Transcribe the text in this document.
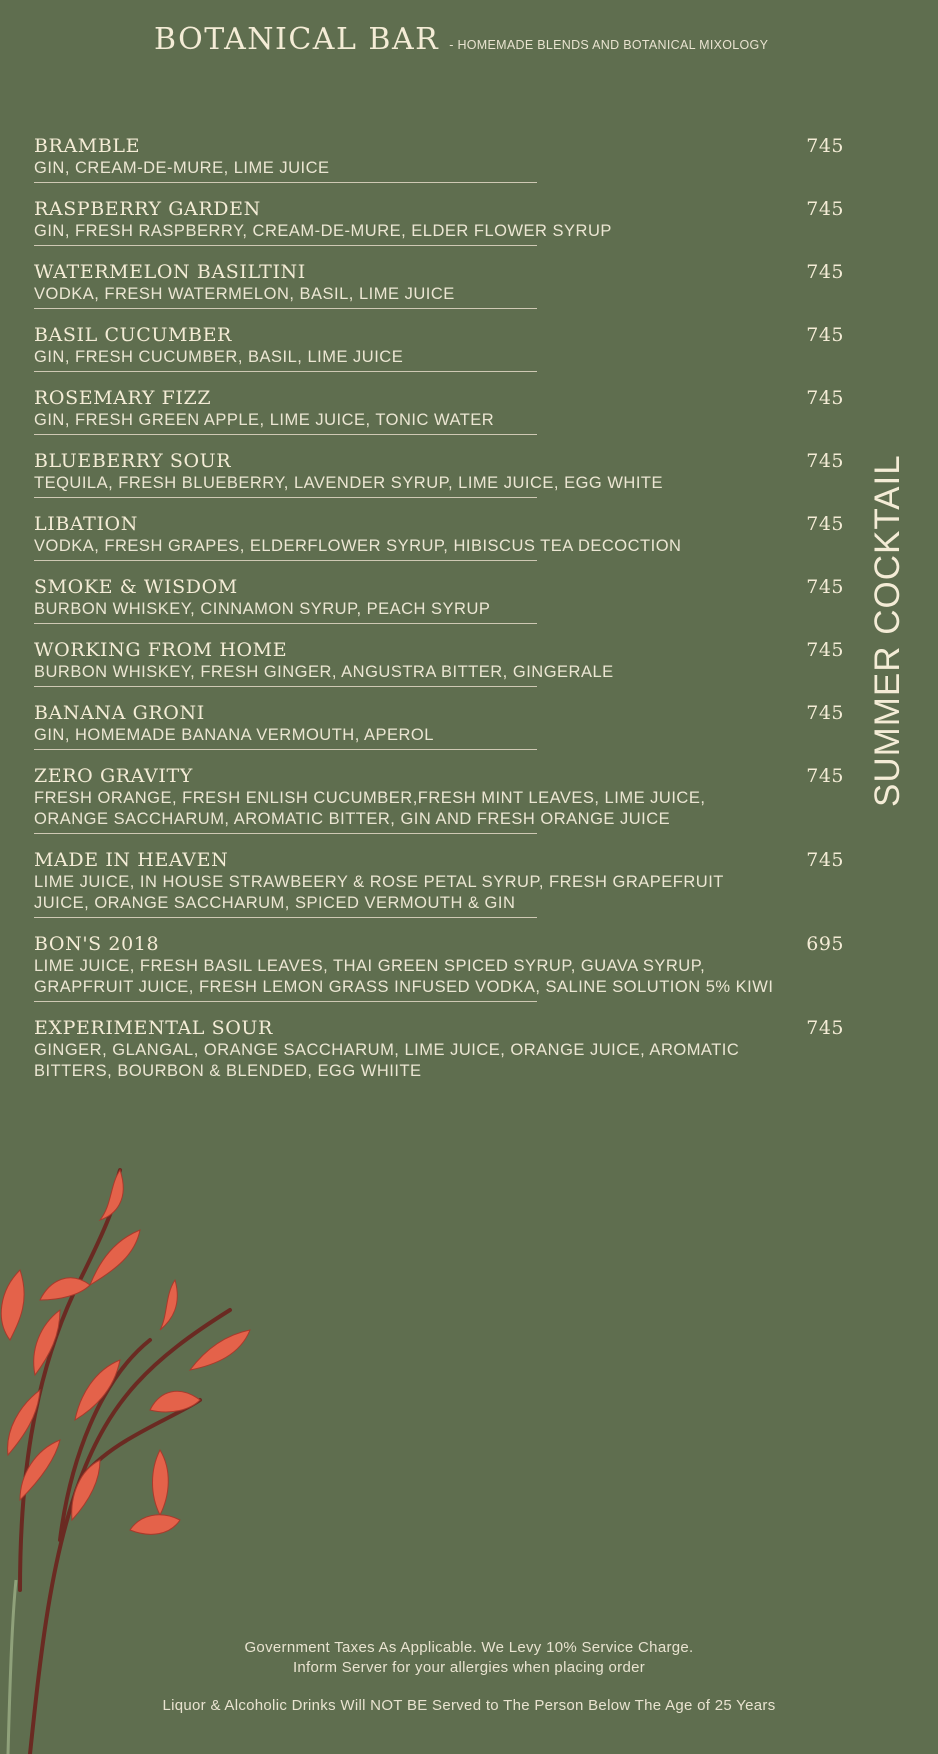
BOTANICAL BAR - HOMEMADE BLENDS AND BOTANICAL MIXOLOGY
BRAMBLE	745
GIN, CREAM-DE-MURE, LIME JUICE
RASPBERRY GARDEN	745
GIN, FRESH RASPBERRY, CREAM-DE-MURE, ELDER FLOWER SYRUP
WATERMELON BASILTINI	745
VODKA, FRESH WATERMELON, BASIL, LIME JUICE
BASIL CUCUMBER	745
GIN, FRESH CUCUMBER, BASIL, LIME JUICE
ROSEMARY FIZZ	745
GIN, FRESH GREEN APPLE, LIME JUICE, TONIC WATER
BLUEBERRY SOUR	745
TEQUILA, FRESH BLUEBERRY, LAVENDER SYRUP, LIME JUICE, EGG WHITE
LIBATION	745
VODKA, FRESH GRAPES, ELDERFLOWER SYRUP, HIBISCUS TEA DECOCTION
SMOKE & WISDOM	745
BURBON WHISKEY, CINNAMON SYRUP, PEACH SYRUP
WORKING FROM HOME	745
BURBON WHISKEY, FRESH GINGER, ANGUSTRA BITTER, GINGERALE
BANANA GRONI	745
GIN, HOMEMADE BANANA VERMOUTH, APEROL
ZERO GRAVITY	745
FRESH ORANGE, FRESH ENLISH CUCUMBER,FRESH MINT LEAVES, LIME JUICE, ORANGE SACCHARUM, AROMATIC BITTER, GIN AND FRESH ORANGE JUICE
MADE IN HEAVEN	745
LIME JUICE, IN HOUSE STRAWBEERY & ROSE PETAL SYRUP, FRESH GRAPEFRUIT JUICE, ORANGE SACCHARUM, SPICED VERMOUTH & GIN
BON'S 2018	695
LIME JUICE, FRESH BASIL LEAVES, THAI GREEN SPICED SYRUP, GUAVA SYRUP, GRAPFRUIT JUICE, FRESH LEMON GRASS INFUSED VODKA, SALINE SOLUTION 5% KIWI
EXPERIMENTAL SOUR	745
GINGER, GLANGAL, ORANGE SACCHARUM, LIME JUICE, ORANGE JUICE, AROMATIC BITTERS, BOURBON & BLENDED, EGG WHIITE
SUMMER COCKTAIL
Government Taxes As Applicable. We Levy 10% Service Charge.
Inform Server for your allergies when placing order
Liquor & Alcoholic Drinks Will NOT BE Served to The Person Below The Age of 25 Years
